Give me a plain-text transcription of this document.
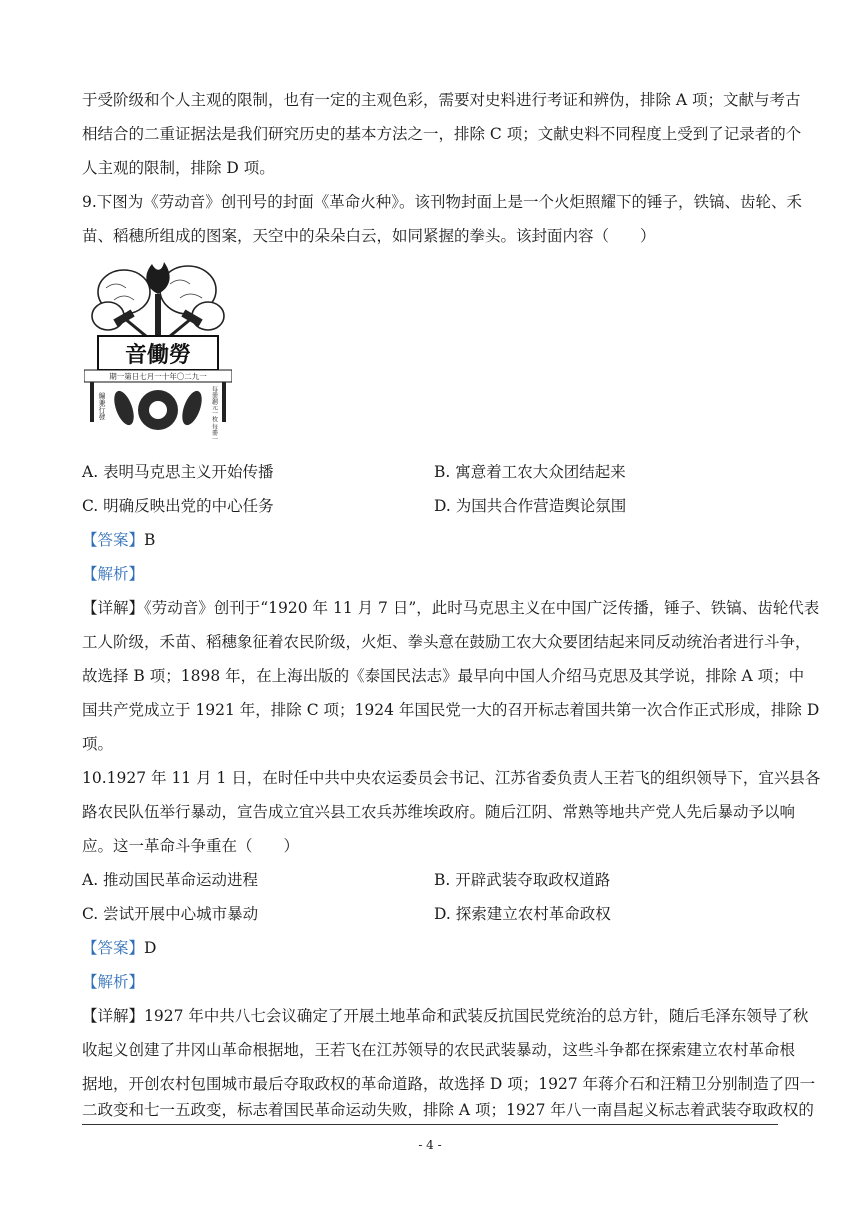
于受阶级和个人主观的限制，也有一定的主观色彩，需要对史料进行考证和辨伪，排除 A 项；文献与考古
相结合的二重证据法是我们研究历史的基本方法之一，排除 C 项；文献史料不同程度上受到了记录者的个
人主观的限制，排除 D 项。
9.下图为《劳动音》创刊号的封面《革命火种》。该刊物封面上是一个火炬照耀下的锤子，铁镐、齿轮、禾
苗、稻穗所组成的图案，天空中的朵朵白云，如同紧握的拳头。该封面内容（　　）
音働勞
期一第日七月一十年〇二九一
編兼行發	每冊銅元一枚 每冊一月七日
A. 表明马克思主义开始传播	B. 寓意着工农大众团结起来
C. 明确反映出党的中心任务	D. 为国共合作营造舆论氛围
【答案】B
【解析】
【详解】《劳动音》创刊于“1920 年 11 月 7 日”，此时马克思主义在中国广泛传播，锤子、铁镐、齿轮代表
工人阶级，禾苗、稻穗象征着农民阶级，火炬、拳头意在鼓励工农大众要团结起来同反动统治者进行斗争，
故选择 B 项；1898 年，在上海出版的《泰国民法志》最早向中国人介绍马克思及其学说，排除 A 项；中
国共产党成立于 1921 年，排除 C 项；1924 年国民党一大的召开标志着国共第一次合作正式形成，排除 D
项。
10.1927 年 11 月 1 日，在时任中共中央农运委员会书记、江苏省委负责人王若飞的组织领导下，宜兴县各
路农民队伍举行暴动，宣告成立宜兴县工农兵苏维埃政府。随后江阴、常熟等地共产党人先后暴动予以响
应。这一革命斗争重在（　　）
A. 推动国民革命运动进程	B. 开辟武装夺取政权道路
C. 尝试开展中心城市暴动	D. 探索建立农村革命政权
【答案】D
【解析】
【详解】1927 年中共八七会议确定了开展土地革命和武装反抗国民党统治的总方针，随后毛泽东领导了秋
收起义创建了井冈山革命根据地，王若飞在江苏领导的农民武装暴动，这些斗争都在探索建立农村革命根
据地，开创农村包围城市最后夺取政权的革命道路，故选择 D 项；1927 年蒋介石和汪精卫分别制造了四一
二政变和七一五政变，标志着国民革命运动失败，排除 A 项；1927 年八一南昌起义标志着武装夺取政权的
- 4 -
